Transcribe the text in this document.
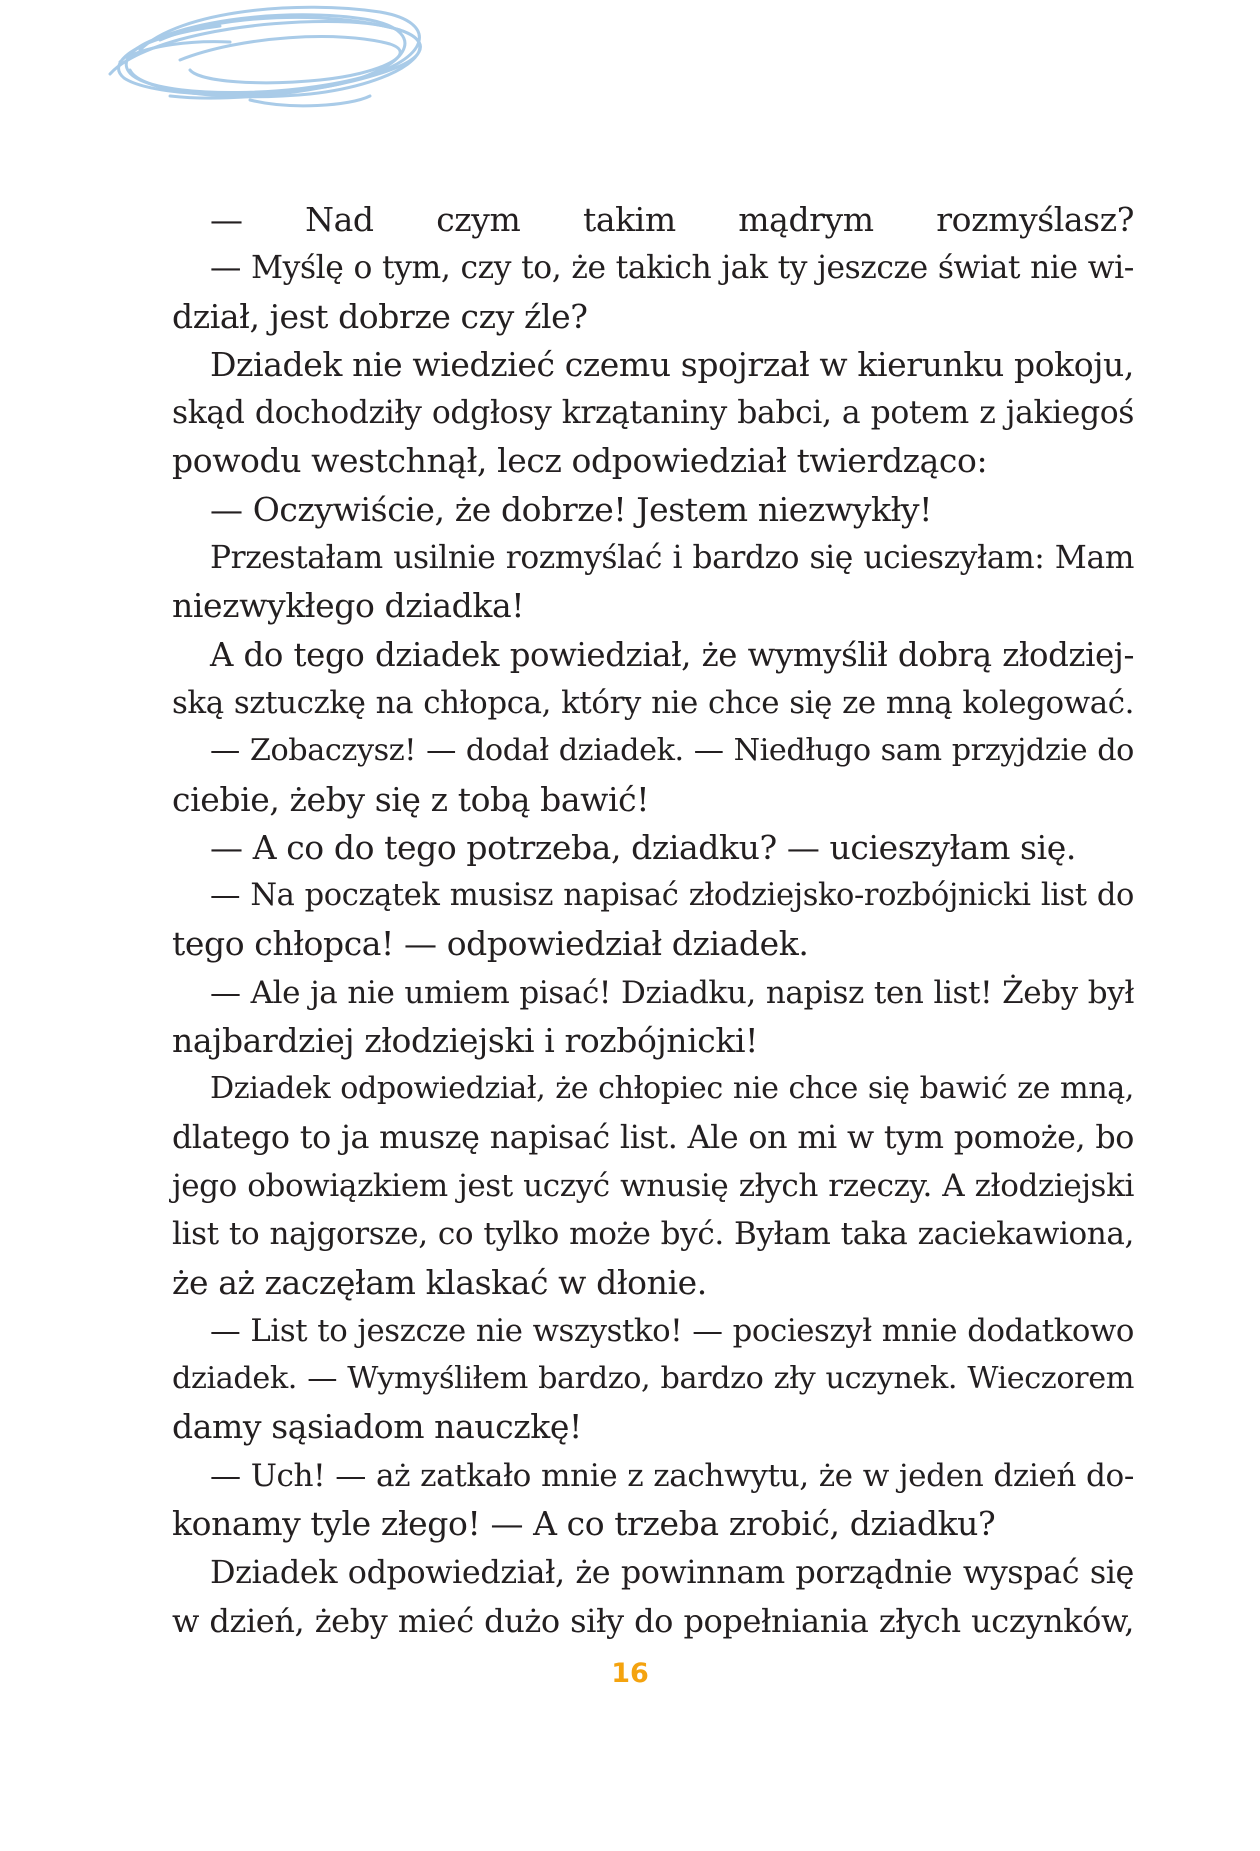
— Nad czym takim mądrym rozmyślasz?
— Myślę o tym, czy to, że takich jak ty jeszcze świat nie wi-
dział, jest dobrze czy źle?
Dziadek nie wiedzieć czemu spojrzał w kierunku pokoju,
skąd dochodziły odgłosy krzątaniny babci, a potem z jakiegoś
powodu westchnął, lecz odpowiedział twierdząco:
— Oczywiście, że dobrze! Jestem niezwykły!
Przestałam usilnie rozmyślać i bardzo się ucieszyłam: Mam
niezwykłego dziadka!
A do tego dziadek powiedział, że wymyślił dobrą złodziej-
ską sztuczkę na chłopca, który nie chce się ze mną kolegować.
— Zobaczysz! — dodał dziadek. — Niedługo sam przyjdzie do
ciebie, żeby się z tobą bawić!
— A co do tego potrzeba, dziadku? — ucieszyłam się.
— Na początek musisz napisać złodziejsko-rozbójnicki list do
tego chłopca! — odpowiedział dziadek.
— Ale ja nie umiem pisać! Dziadku, napisz ten list! Żeby był
najbardziej złodziejski i rozbójnicki!
Dziadek odpowiedział, że chłopiec nie chce się bawić ze mną,
dlatego to ja muszę napisać list. Ale on mi w tym pomoże, bo
jego obowiązkiem jest uczyć wnusię złych rzeczy. A złodziejski
list to najgorsze, co tylko może być. Byłam taka zaciekawiona,
że aż zaczęłam klaskać w dłonie.
— List to jeszcze nie wszystko! — pocieszył mnie dodatkowo
dziadek. — Wymyśliłem bardzo, bardzo zły uczynek. Wieczorem
damy sąsiadom nauczkę!
— Uch! — aż zatkało mnie z zachwytu, że w jeden dzień do-
konamy tyle złego! — A co trzeba zrobić, dziadku?
Dziadek odpowiedział, że powinnam porządnie wyspać się
w dzień, żeby mieć dużo siły do popełniania złych uczynków,
16
